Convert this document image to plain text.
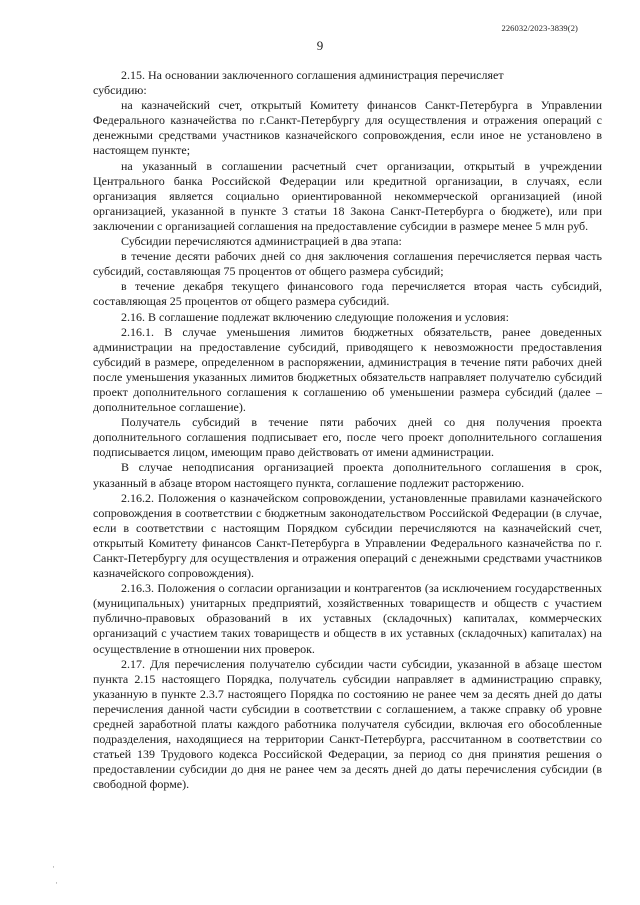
226032/2023-3839(2)
9

2.15. На основании заключенного соглашения администрация перечисляет

субсидию:

на казначейский счет, открытый Комитету финансов Санкт-Петербурга в Управлении Федерального казначейства по г.Санкт-Петербургу для осуществления и отражения операций с денежными средствами участников казначейского сопровождения, если иное не установлено в настоящем пункте;

на указанный в соглашении расчетный счет организации, открытый в учреждении Центрального банка Российской Федерации или кредитной организации, в случаях, если организация является социально ориентированной некоммерческой организацией (иной организацией, указанной в пункте 3 статьи 18 Закона Санкт-Петербурга о бюджете), или при заключении с организацией соглашения на предоставление субсидии в размере менее 5 млн руб.

Субсидии перечисляются администрацией в два этапа:

в течение десяти рабочих дней со дня заключения соглашения перечисляется первая часть субсидий, составляющая 75 процентов от общего размера субсидий;

в течение декабря текущего финансового года перечисляется вторая часть субсидий, составляющая 25 процентов от общего размера субсидий.

2.16. В соглашение подлежат включению следующие положения и условия:

2.16.1. В случае уменьшения лимитов бюджетных обязательств, ранее доведенных администрации на предоставление субсидий, приводящего к невозможности предоставления субсидий в размере, определенном в распоряжении, администрация в течение пяти рабочих дней после уменьшения указанных лимитов бюджетных обязательств направляет получателю субсидий проект дополнительного соглашения к соглашению об уменьшении размера субсидий (далее – дополнительное соглашение).

Получатель субсидий в течение пяти рабочих дней со дня получения проекта дополнительного соглашения подписывает его, после чего проект дополнительного соглашения подписывается лицом, имеющим право действовать от имени администрации.

В случае неподписания организацией проекта дополнительного соглашения в срок, указанный в абзаце втором настоящего пункта, соглашение подлежит расторжению.

2.16.2. Положения о казначейском сопровождении, установленные правилами казначейского сопровождения в соответствии с бюджетным законодательством Российской Федерации (в случае, если в соответствии с настоящим Порядком субсидии перечисляются на казначейский счет, открытый Комитету финансов Санкт-Петербурга в Управлении Федерального казначейства по г. Санкт-Петербургу для осуществления и отражения операций с денежными средствами участников казначейского сопровождения).

2.16.3. Положения о согласии организации и контрагентов (за исключением государственных (муниципальных) унитарных предприятий, хозяйственных товариществ и обществ с участием публично-правовых образований в их уставных (складочных) капиталах, коммерческих организаций с участием таких товариществ и обществ в их уставных (складочных) капиталах) на осуществление в отношении них проверок.

2.17. Для перечисления получателю субсидии части субсидии, указанной в абзаце шестом пункта 2.15 настоящего Порядка, получатель субсидии направляет в администрацию справку, указанную в пункте 2.3.7 настоящего Порядка по состоянию не ранее чем за десять дней до даты перечисления данной части субсидии в соответствии с соглашением, а также справку об уровне средней заработной платы каждого работника получателя субсидии, включая его обособленные подразделения, находящиеся на территории Санкт-Петербурга, рассчитанном в соответствии со статьей 139 Трудового кодекса Российской Федерации, за период со дня принятия решения о предоставлении субсидии до дня не ранее чем за десять дней до даты перечисления субсидии (в свободной форме).

·
·
